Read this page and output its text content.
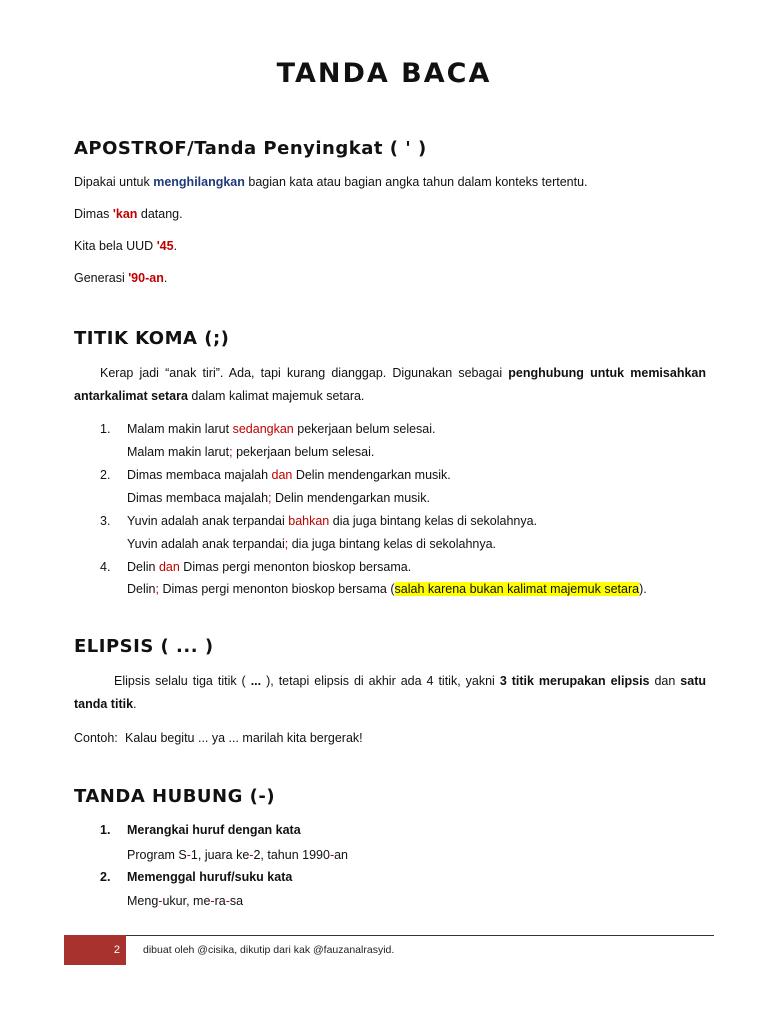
TANDA BACA
APOSTROF/Tanda Penyingkat ( ' )
Dipakai untuk menghilangkan bagian kata atau bagian angka tahun dalam konteks tertentu.
Dimas 'kan datang.
Kita bela UUD '45.
Generasi '90-an.
TITIK KOMA (;)
Kerap jadi “anak tiri”. Ada, tapi kurang dianggap. Digunakan sebagai penghubung untuk memisahkan antarkalimat setara dalam kalimat majemuk setara.
1. Malam makin larut sedangkan pekerjaan belum selesai.
Malam makin larut; pekerjaan belum selesai.
2. Dimas membaca majalah dan Delin mendengarkan musik.
Dimas membaca majalah; Delin mendengarkan musik.
3. Yuvin adalah anak terpandai bahkan dia juga bintang kelas di sekolahnya.
Yuvin adalah anak terpandai; dia juga bintang kelas di sekolahnya.
4. Delin dan Dimas pergi menonton bioskop bersama.
Delin; Dimas pergi menonton bioskop bersama (salah karena bukan kalimat majemuk setara).
ELIPSIS ( ... )
Elipsis selalu tiga titik ( ... ), tetapi elipsis di akhir ada 4 titik, yakni 3 titik merupakan elipsis dan satu tanda titik.
Contoh: Kalau begitu ... ya ... marilah kita bergerak!
TANDA HUBUNG (-)
1. Merangkai huruf dengan kata
Program S-1, juara ke-2, tahun 1990-an
2. Memenggal huruf/suku kata
Meng-ukur, me-ra-sa
2	dibuat oleh @cisika, dikutip dari kak @fauzanalrasyid.
